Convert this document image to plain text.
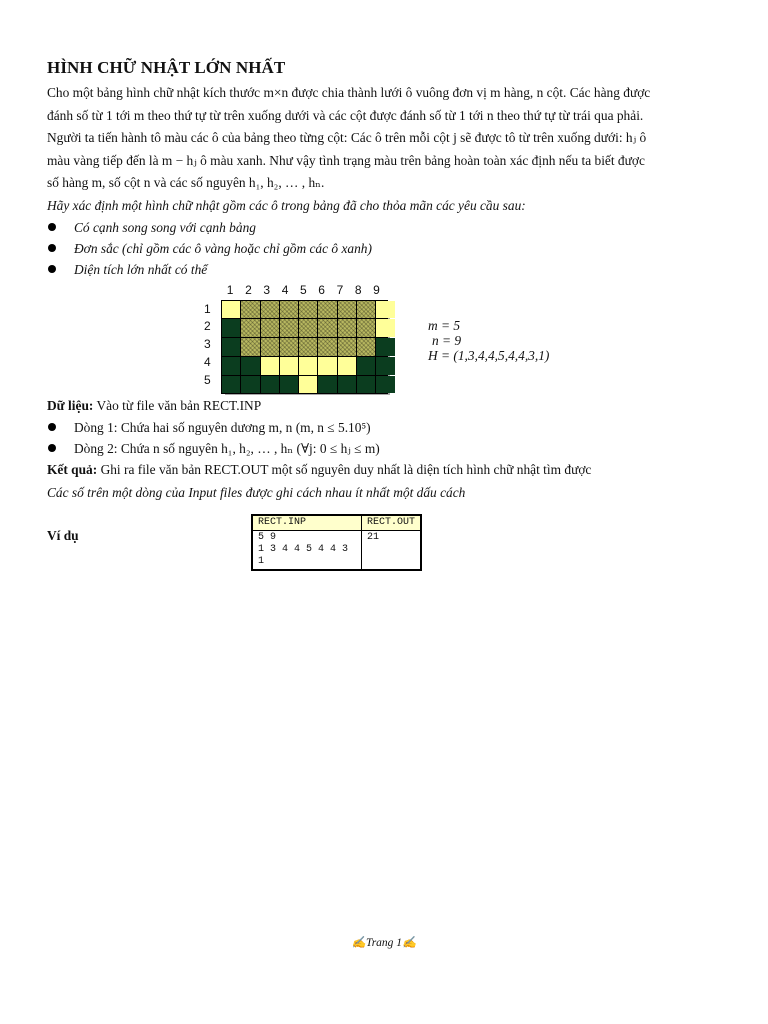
HÌNH CHỮ NHẬT LỚN NHẤT

Cho một bảng hình chữ nhật kích thước m×n được chia thành lưới ô vuông đơn vị m hàng, n cột. Các hàng được

đánh số từ 1 tới m theo thứ tự từ trên xuống dưới và các cột được đánh số từ 1 tới n theo thứ tự từ trái qua phải.

Người ta tiến hành tô màu các ô của bảng theo từng cột: Các ô trên mỗi cột j sẽ được tô từ trên xuống dưới: hⱼ ô

màu vàng tiếp đến là m − hⱼ ô màu xanh. Như vậy tình trạng màu trên bảng hoàn toàn xác định nếu ta biết được

số hàng m, số cột n và các số nguyên h₁, h₂, … , hₙ.

Hãy xác định một hình chữ nhật gồm các ô trong bảng đã cho thỏa mãn các yêu cầu sau:

Có cạnh song song với cạnh bảng
Đơn sắc (chỉ gồm các ô vàng hoặc chỉ gồm các ô xanh)
Diện tích lớn nhất có thể
1 2 3 4 5 6 7 8 9
1
2
3
4
5
m = 5
n = 9
H = (1,3,4,4,5,4,4,3,1)

Dữ liệu: Vào từ file văn bản RECT.INP

Dòng 1: Chứa hai số nguyên dương m, n (m, n ≤ 5.10⁵)
Dòng 2: Chứa n số nguyên h₁, h₂, … , hₙ (∀j: 0 ≤ hⱼ ≤ m)

Kết quả: Ghi ra file văn bản RECT.OUT một số nguyên duy nhất là diện tích hình chữ nhật tìm được

Các số trên một dòng của Input files được ghi cách nhau ít nhất một dấu cách

Ví dụ
RECT.INP	RECT.OUT

5 9
1 3 4 4 5 4 4 3 1	21
✍Trang 1✍
